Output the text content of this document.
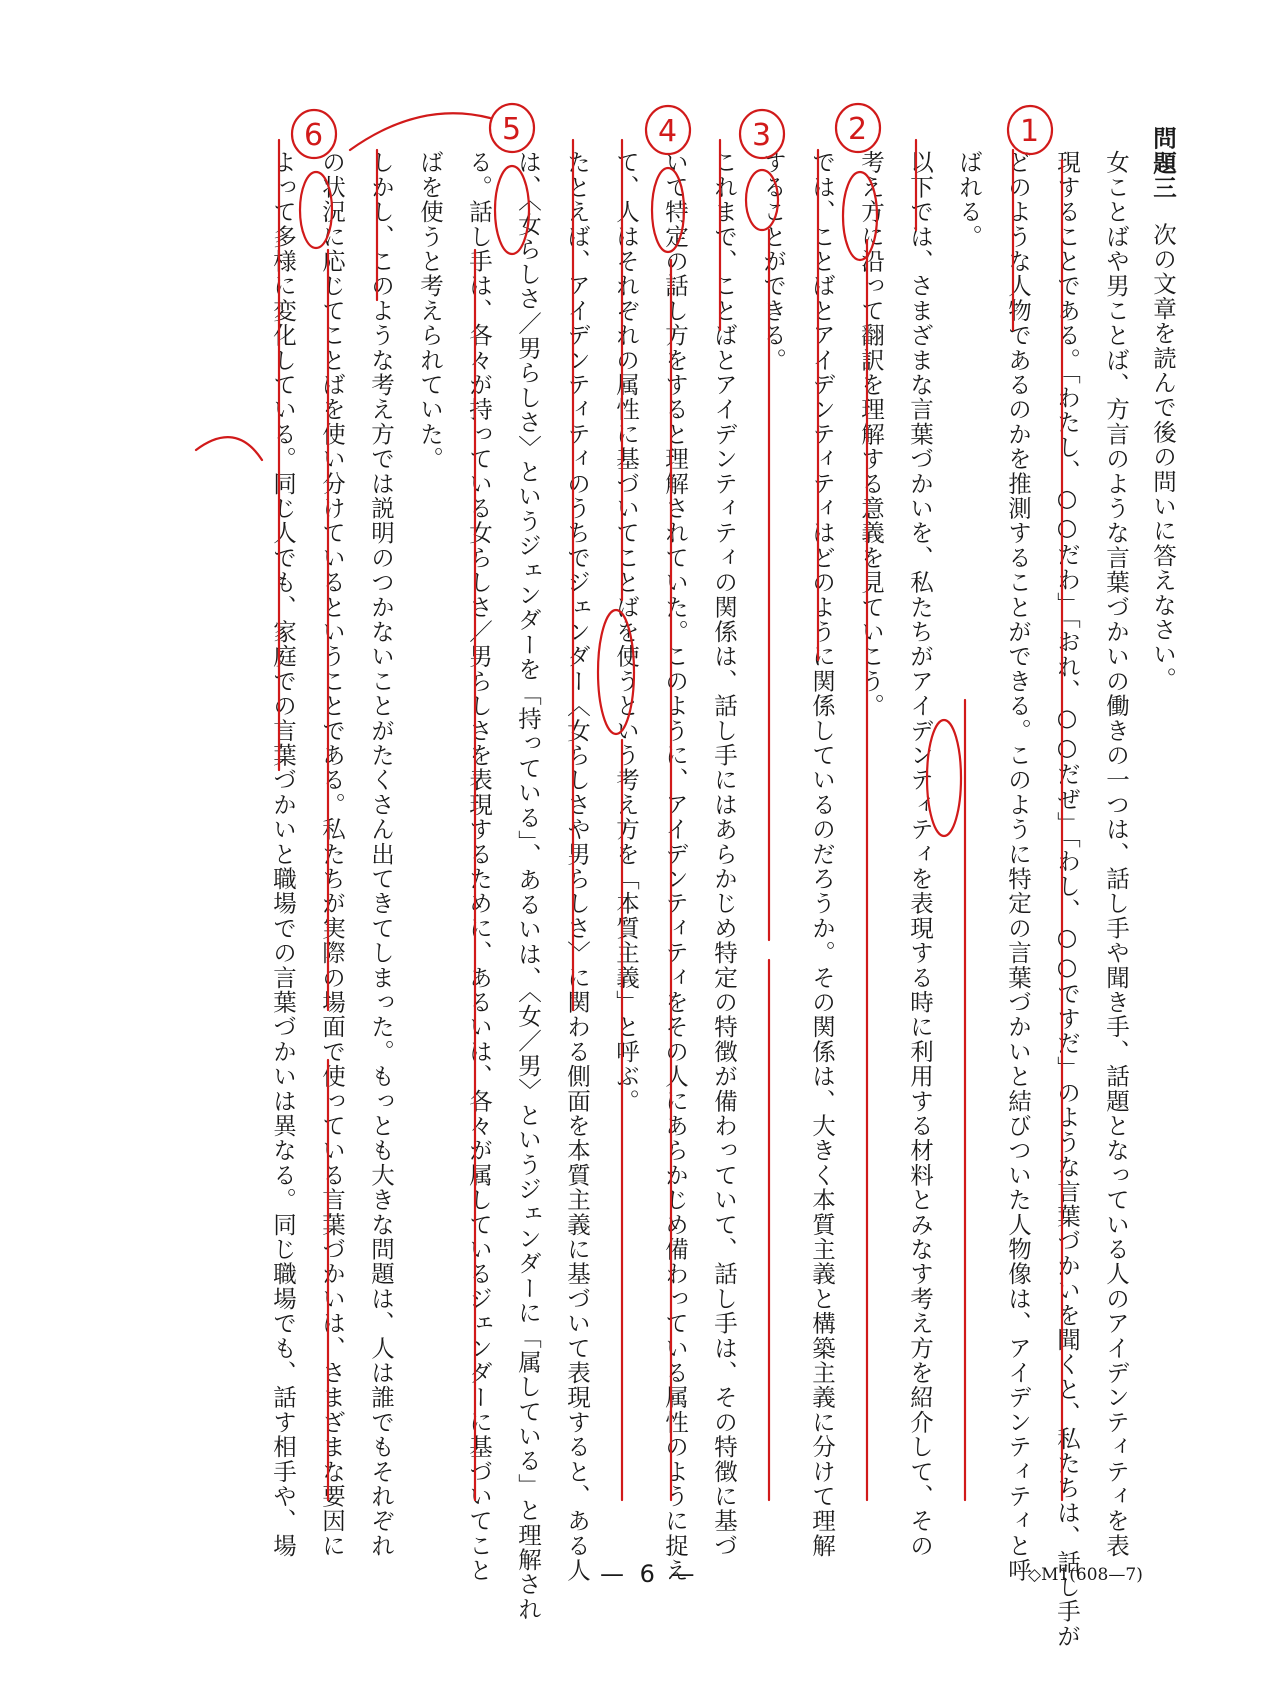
問題三次の文章を読んで後の問いに答えなさい。
女ことばや男ことば、方言のような言葉づかいの働きの一つは、話し手や聞き手、話題となっている人のアイデンティティを表
現することである。「わたし、○○だわ」「おれ、○○だぜ」「わし、○○ですだ」のような言葉づかいを聞くと、私たちは、話し手が
どのような人物であるのかを推測することができる。このように特定の言葉づかいと結びついた人物像は、アイデンティティと呼
ばれる。
以下では、さまざまな言葉づかいを、私たちがアイデンティティを表現する時に利用する材料とみなす考え方を紹介して、その
考え方に沿って翻訳を理解する意義を見ていこう。
では、ことばとアイデンティティはどのように関係しているのだろうか。その関係は、大きく本質主義と構築主義に分けて理解
することができる。
これまで、ことばとアイデンティティの関係は、話し手にはあらかじめ特定の特徴が備わっていて、話し手は、その特徴に基づ
いて特定の話し方をすると理解されていた。このように、アイデンティティをその人にあらかじめ備わっている属性のように捉え
て、人はそれぞれの属性に基づいてことばを使うという考え方を「本質主義」と呼ぶ。
たとえば、アイデンティティのうちでジェンダー〈女らしさや男らしさ〉に関わる側面を本質主義に基づいて表現すると、ある人
は、〈女らしさ／男らしさ〉というジェンダーを「持っている」、あるいは、〈女／男〉というジェンダーに「属している」と理解され
る。話し手は、各々が持っている女らしさ／男らしさを表現するために、あるいは、各々が属しているジェンダーに基づいてこと
ばを使うと考えられていた。
しかし、このような考え方では説明のつかないことがたくさん出てきてしまった。もっとも大きな問題は、人は誰でもそれぞれ
の状況に応じてことばを使い分けているということである。私たちが実際の場面で使っている言葉づかいは、さまざまな要因に
よって多様に変化している。同じ人でも、家庭での言葉づかいと職場での言葉づかいは異なる。同じ職場でも、話す相手や、場
1
2
3
4
5
6
— 6 —	◇M1(608—7)
